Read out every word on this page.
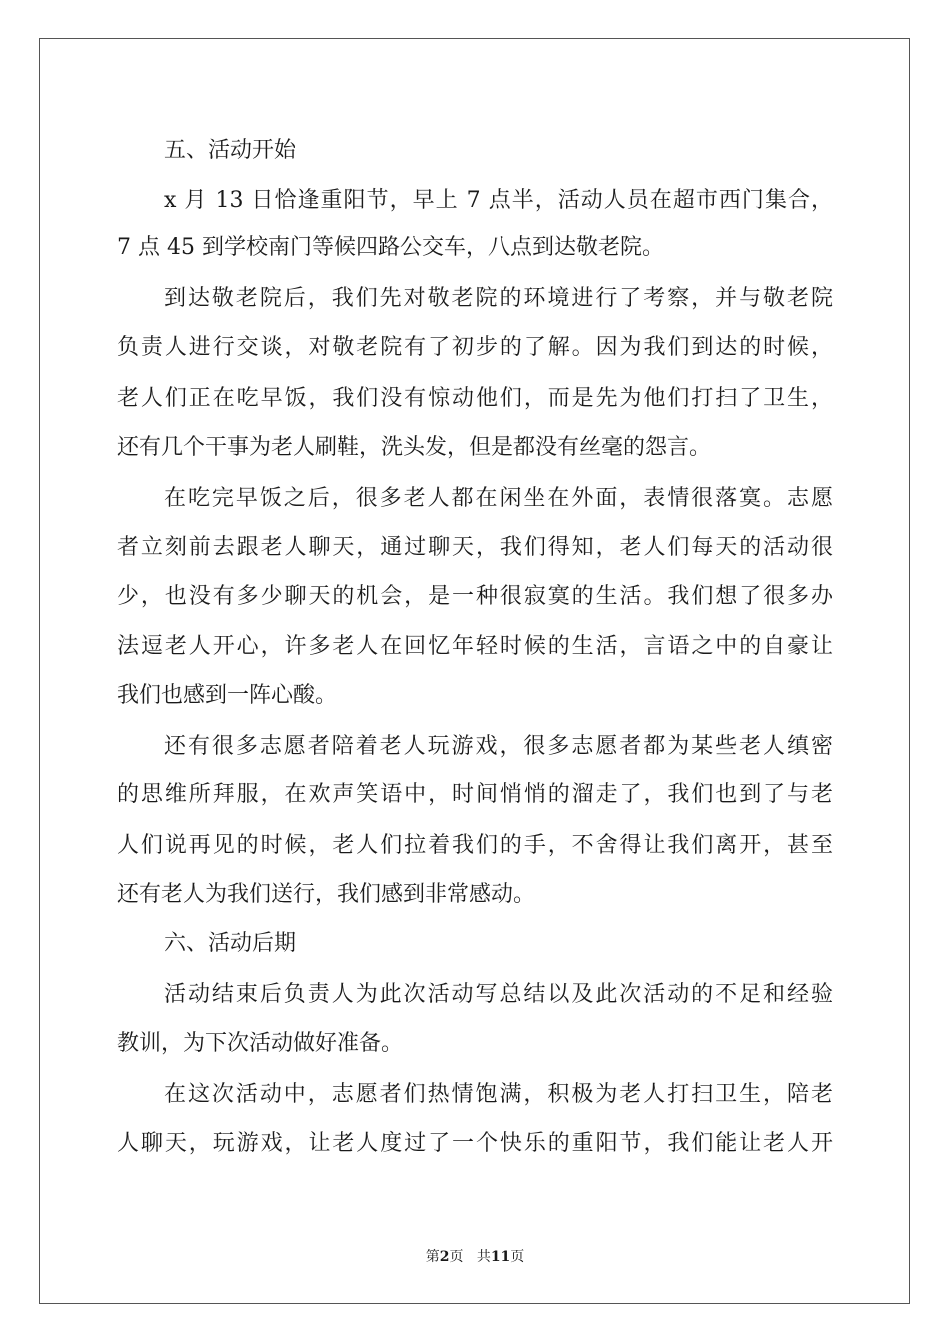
五、活动开始
x 月 13 日恰逢重阳节，早上 7 点半，活动人员在超市西门集合，
7 点 45 到学校南门等候四路公交车，八点到达敬老院。
到达敬老院后，我们先对敬老院的环境进行了考察，并与敬老院
负责人进行交谈，对敬老院有了初步的了解。因为我们到达的时候，
老人们正在吃早饭，我们没有惊动他们，而是先为他们打扫了卫生，
还有几个干事为老人刷鞋，洗头发，但是都没有丝毫的怨言。
在吃完早饭之后，很多老人都在闲坐在外面，表情很落寞。志愿
者立刻前去跟老人聊天，通过聊天，我们得知，老人们每天的活动很
少，也没有多少聊天的机会，是一种很寂寞的生活。我们想了很多办
法逗老人开心，许多老人在回忆年轻时候的生活，言语之中的自豪让
我们也感到一阵心酸。
还有很多志愿者陪着老人玩游戏，很多志愿者都为某些老人缜密
的思维所拜服，在欢声笑语中，时间悄悄的溜走了，我们也到了与老
人们说再见的时候，老人们拉着我们的手，不舍得让我们离开，甚至
还有老人为我们送行，我们感到非常感动。
六、活动后期
活动结束后负责人为此次活动写总结以及此次活动的不足和经验
教训，为下次活动做好准备。
在这次活动中，志愿者们热情饱满，积极为老人打扫卫生，陪老
人聊天，玩游戏，让老人度过了一个快乐的重阳节，我们能让老人开
第2页 共11页
